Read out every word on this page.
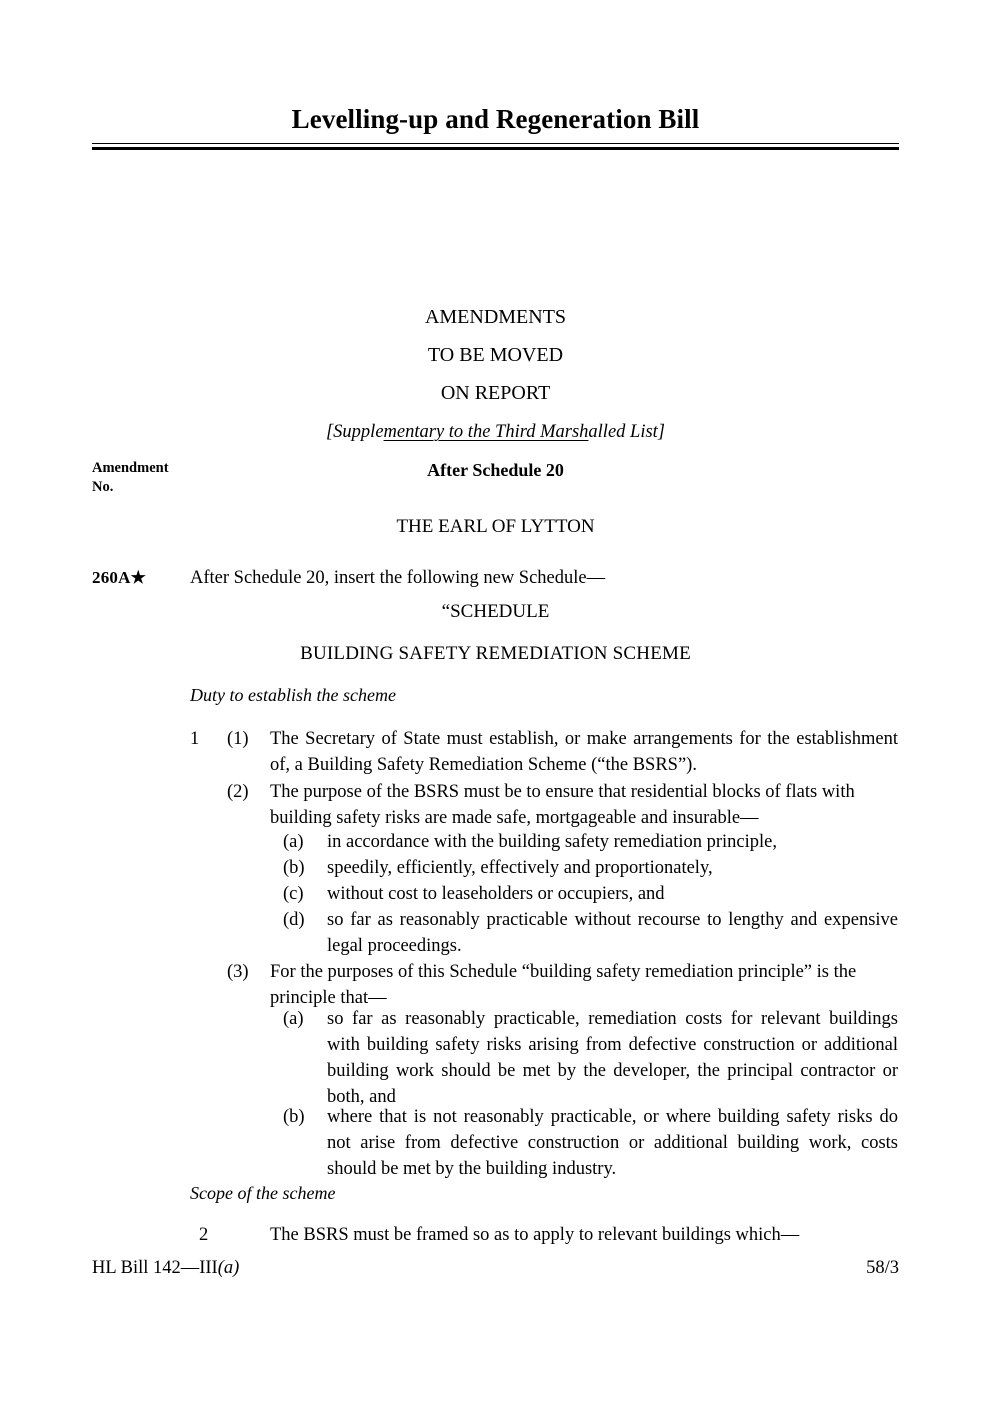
Levelling-up and Regeneration Bill
AMENDMENTS
TO BE MOVED
ON REPORT
[Supplementary to the Third Marshalled List]
Amendment
No.
After Schedule 20
THE EARL OF LYTTON
260A★ After Schedule 20, insert the following new Schedule—
“SCHEDULE
BUILDING SAFETY REMEDIATION SCHEME
Duty to establish the scheme
1 (1) The Secretary of State must establish, or make arrangements for the establishment of, a Building Safety Remediation Scheme (“the BSRS”).
(2) The purpose of the BSRS must be to ensure that residential blocks of flats with building safety risks are made safe, mortgageable and insurable—
(a) in accordance with the building safety remediation principle,
(b) speedily, efficiently, effectively and proportionately,
(c) without cost to leaseholders or occupiers, and
(d) so far as reasonably practicable without recourse to lengthy and expensive legal proceedings.
(3) For the purposes of this Schedule “building safety remediation principle” is the principle that—
(a) so far as reasonably practicable, remediation costs for relevant buildings with building safety risks arising from defective construction or additional building work should be met by the developer, the principal contractor or both, and
(b) where that is not reasonably practicable, or where building safety risks do not arise from defective construction or additional building work, costs should be met by the building industry.
Scope of the scheme
2	The BSRS must be framed so as to apply to relevant buildings which—
HL Bill 142—III(a)	58/3
